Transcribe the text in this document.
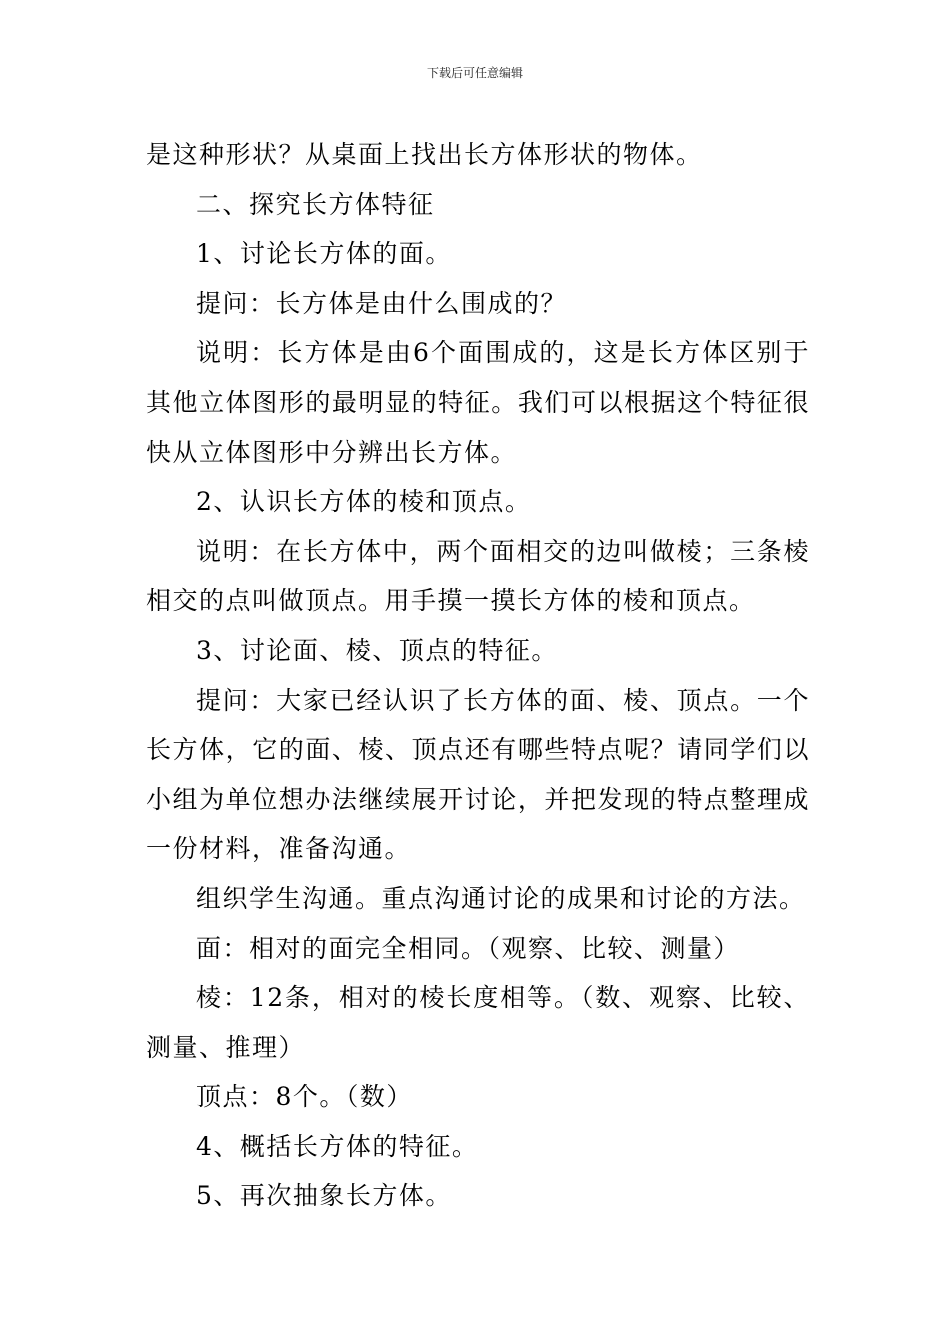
下载后可任意编辑

是这种形状？从桌面上找出长方体形状的物体。

二、探究长方体特征

1、讨论长方体的面。

提问：长方体是由什么围成的？

说明：长方体是由6个面围成的，这是长方体区别于其他立体图形的最明显的特征。我们可以根据这个特征很快从立体图形中分辨出长方体。

2、认识长方体的棱和顶点。

说明：在长方体中，两个面相交的边叫做棱；三条棱相交的点叫做顶点。用手摸一摸长方体的棱和顶点。

3、讨论面、棱、顶点的特征。

提问：大家已经认识了长方体的面、棱、顶点。一个长方体，它的面、棱、顶点还有哪些特点呢？请同学们以小组为单位想办法继续展开讨论，并把发现的特点整理成一份材料，准备沟通。

组织学生沟通。重点沟通讨论的成果和讨论的方法。

面：相对的面完全相同。（观察、比较、测量）

棱：12条，相对的棱长度相等。（数、观察、比较、测量、推理）

顶点：8个。（数）

4、概括长方体的特征。

5、再次抽象长方体。
